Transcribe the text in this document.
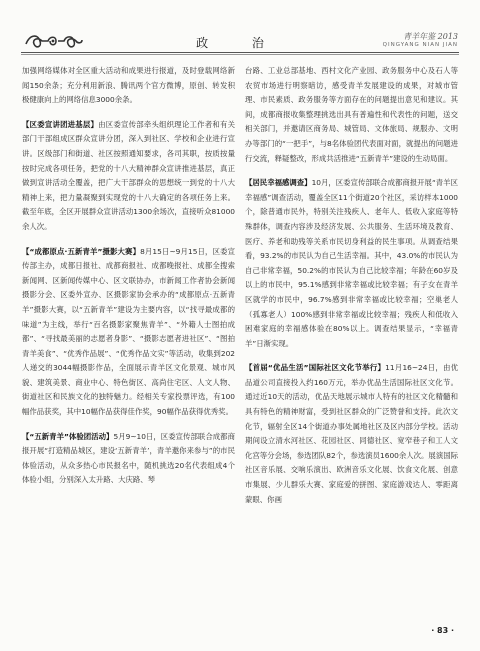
政 治	青羊年鉴 2013
QINGYANG NIAN JIAN
加强网络媒体对全区重大活动和成果进行报道，及时登载网络新闻150余条；充分利用新浪、腾讯两个官方微博，原创、转发积极健康向上的网络信息3000余条。
【区委宣讲团进基层】由区委宣传部牵头组织理论工作者和有关部门干部组成区群众宣讲分团，深入到社区、学校和企业进行宣讲。区级部门和街道、社区按照通知要求，各司其职，按质按量按时完成各项任务，把党的十八大精神群众宣讲推进基层，真正做到宣讲活动全覆盖，把广大干部群众的思想统一到党的十八大精神上来，把力量凝聚到实现党的十八大确定的各项任务上来。截至年底，全区开展群众宣讲活动1300余场次，直接听众81000余人次。
【“成都原点·五新青羊”摄影大赛】8月15日~9月15日，区委宣传部主办，成都日报社、成都商报社、成都晚报社、成都全搜索新闻网、区新闻传媒中心、区文联协办，市新闻工作者协会新闻摄影分会、区委外宣办、区摄影家协会承办的“成都原点·五新青羊”摄影大赛，以“五新青羊”建设为主要内容，以“找寻最成都的味道”为主线，举行“百名摄影家聚焦青羊”、“外籍人士图拍成都”、“寻找最美丽的志愿者身影”、“摄影志愿者进社区”、“图拍青羊美食”、“优秀作品展”、“优秀作品文实”等活动，收集到202人递交的3044幅摄影作品，全面展示青羊区文化景观、城市风貌、建筑美景、商业中心、特色街区、高尚住宅区、人文人物、街道社区和民族文化的独特魅力。经相关专家投票评选，有100幅作品获奖，其中10幅作品获得佳作奖，90幅作品获得优秀奖。
【“五新青羊”体验团活动】5月9~10日，区委宣传部联合成都商报开展“打造精品城区，建设‘五新青羊’，青羊邀你来参与”的市民体验活动，从众多热心市民报名中，随机挑选20名代表组成4个体验小组，分别深入太升路、大庆路、琴
台路、工业总部基地、西村文化产业园、政务服务中心及石人等农贸市场进行明察暗访，感受青羊发展建设的成果，对城市管理、市民素质、政务服务等方面存在的问题提出意见和建议。其间，成都商报收集整理挑选出具有普遍性和代表性的问题，送交相关部门，并邀请区商务局、城管局、文体旅局、规服办、文明办等部门的“一把手”，与8名体验团代表面对面，就提出的问题进行交流，释疑整改，形成共活推进“五新青羊”建设的生动局面。
【居民幸福感调查】10月，区委宣传部联合成都商报开展“青羊区幸福感”调查活动，覆盖全区11个街道20个社区，采访样本1000个，除普通市民外，特别关注残疾人、老年人、低收入家庭等特殊群体，调查内容涉及经济发展、公共服务、生活环境及教育、医疗、养老和助残等关系市民切身利益的民生事项。从调查结果看，93.2%的市民认为自己生活幸福。其中，43.0%的市民认为自己非常幸福，50.2%的市民认为自己比较幸福；年龄在60岁及以上的市民中，95.1%感到非常幸福或比较幸福；有子女在青羊区就学的市民中，96.7%感到非常幸福或比较幸福；空巢老人（孤寡老人）100%感到非常幸福或比较幸福；残疾人和低收入困难家庭的幸福感体验在80%以上。调查结果显示，“幸福青羊”日渐实现。
【首届“优品生活”国际社区文化节举行】11月16~24日，由优品道公司直接投入约160万元，举办优品生活国际社区文化节。通过近10天的活动，优品天地展示城市人特有的社区文化精髓和具有特色的精神财富，受到社区群众的广泛赞誉和支持。此次文化节，辐射全区14个街道办事处属地社区及区内部分学校。活动期间设立清水河社区、花园社区、同德社区、宽窄巷子和工人文化宫等分会场，参选团队82个，参选演员1600余人次。展演国际社区音乐展、交响乐演出、欧洲音乐文化展、饮食文化展、创意市集展、少儿群乐大赛、家庭爱的拼图、家庭游戏达人、零距离蒙眼、你画
· 83 ·
